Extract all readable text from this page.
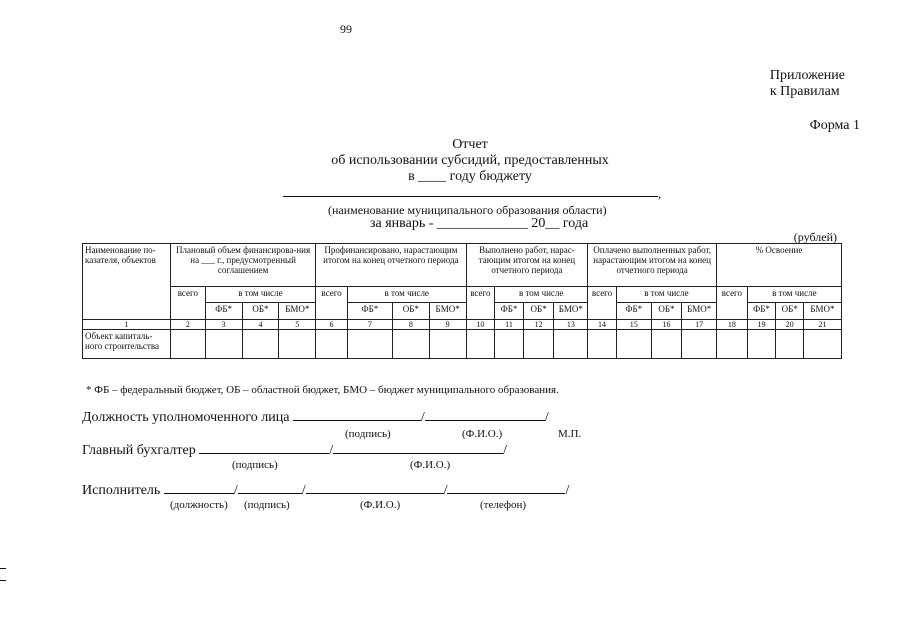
99
Приложение
к Правилам
Форма 1
Отчет
об использовании субсидий, предоставленных
в ____ году бюджету
,
(наименование муниципального образования области)
за январь - _____________ 20__ года
(рублей)
Наименование по-казателя, объектов	Плановый объем финансирова-ния на ___ г., предусмотренный соглашением				Профинансировано, нарастающим итогом на конец отчетного периода				Выполнено работ, нарас-тающим итогом на конец отчетного периода				Оплачено выполненных работ, нарастающим итогом на конец отчетного периода				% Освоение			
	всего	в том числе			всего	в том числе			всего	в том числе			всего	в том числе			всего	в том числе		
		ФБ*	ОБ*	БМО*		ФБ*	ОБ*	БМО*		ФБ*	ОБ*	БМО*		ФБ*	ОБ*	БМО*		ФБ*	ОБ*	БМО*
1	2	3	4	5	6	7	8	9	10	11	12	13	14	15	16	17	18	19	20	21
Объект капиталь-ного строительства																				
* ФБ – федеральный бюджет, ОБ – областной бюджет, БМО – бюджет муниципального образования.
Должность уполномоченного лица	/	/
(подпись)	(Ф.И.О.)	М.П.
Главный бухгалтер	/	/
(подпись)	(Ф.И.О.)
Исполнитель	/	/	/	/
(должность) (подпись)	(Ф.И.О.)	(телефон)
